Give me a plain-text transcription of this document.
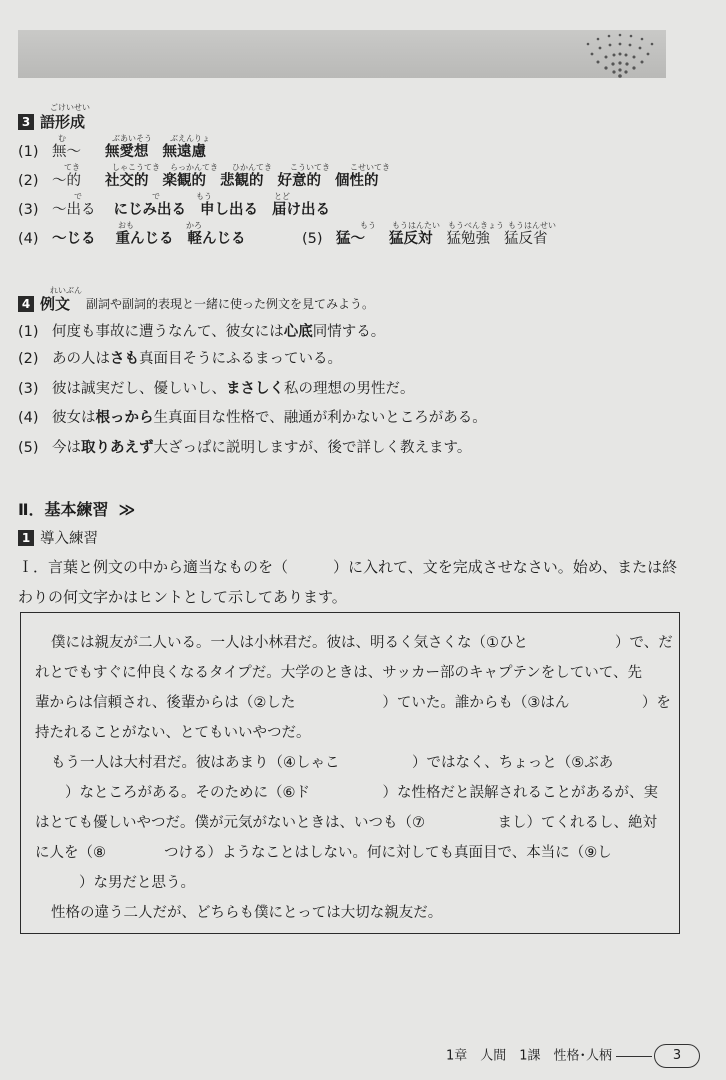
ごけいせい
3 語形成
む	ぶあいそう ぶえんりょ
(1) 無〜 無愛想 無遠慮
てき	しゃこうてき らっかんてき ひかんてき こういてき	こせいてき
(2) 〜的 社交的 楽観的 悲観的 好意的 個性的
で	で	もう	とど
(3) 〜出る にじみ出る 申し出る 届け出る
おも	かろ	もう もうはんたい もうべんきょう もうはんせい
(4) 〜じる 重んじる 軽んじる	(5) 猛〜 猛反対 猛勉強 猛反省
れいぶん
4 例文 副詞や副詞的表現と一緒に使った例文を見てみよう。
(1) 何度も事故に遭うなんて、彼女には心底同情する。
(2) あの人はさも真面目そうにふるまっている。
(3) 彼は誠実だし、優しいし、まさしく私の理想の男性だ。
(4) 彼女は根っから生真面目な性格で、融通が利かないところがある。
(5) 今は取りあえず大ざっぱに説明しますが、後で詳しく教えます。
Ⅱ．基本練習 ≫
1 導入練習
Ｉ．言葉と例文の中から適当なものを（　　　）に入れて、文を完成させなさい。始め、または終
わりの何文字かはヒントとして示してあります。
僕には親友が二人いる。一人は小林君だ。彼は、明るく気さくな（①ひと　　　　　　）で、だ
れとでもすぐに仲良くなるタイプだ。大学のときは、サッカー部のキャプテンをしていて、先
輩からは信頼され、後輩からは（②した　　　　　　）ていた。誰からも（③はん　　　　　）を
持たれることがない、とてもいいやつだ。
もう一人は大村君だ。彼はあまり（④しゃこ　　　　　）ではなく、ちょっと（⑤ぶあ
）なところがある。そのために（⑥ド　　　　　）な性格だと誤解されることがあるが、実
はとても優しいやつだ。僕が元気がないときは、いつも（⑦　　　　　まし）てくれるし、絶対
に人を（⑧　　　　つける）ようなことはしない。何に対しても真面目で、本当に（⑨し
）な男だと思う。
性格の違う二人だが、どちらも僕にとっては大切な親友だ。
1章　人間　1課　性格･人柄	3
